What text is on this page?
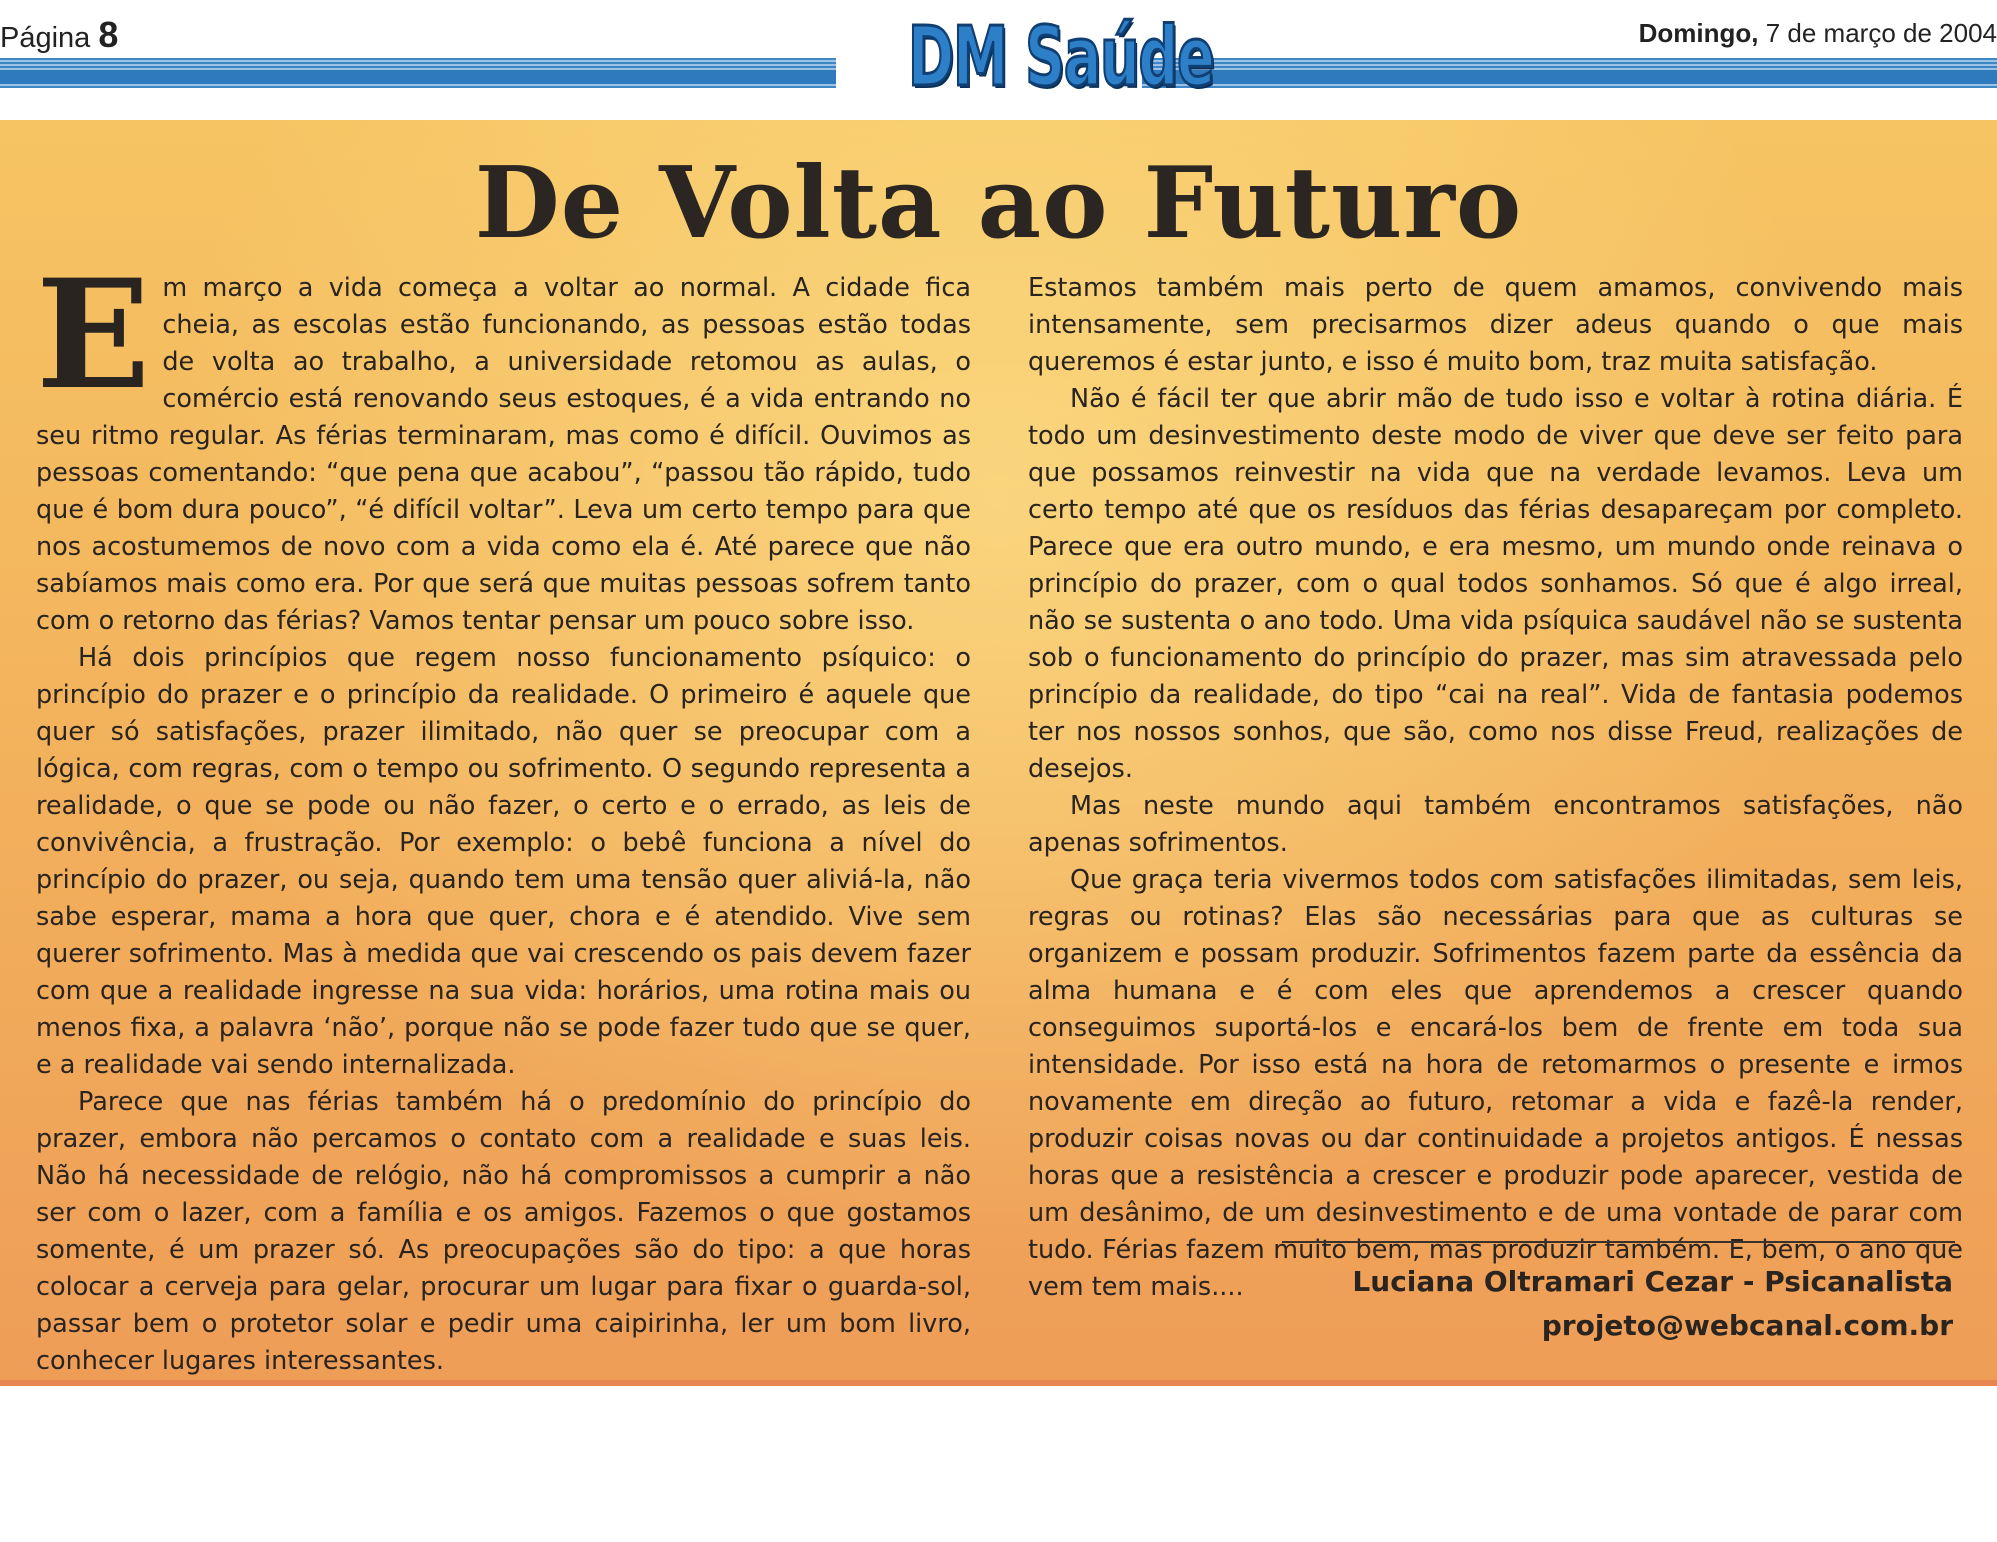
Página 8	DM Saúde	Domingo, 7 de março de 2004
De Volta ao Futuro

Em março a vida começa a voltar ao normal. A cidade fica cheia, as escolas estão funcionando, as pessoas estão todas de volta ao trabalho, a universidade retomou as aulas, o comércio está renovando seus estoques, é a vida entrando no seu ritmo regular. As férias terminaram, mas como é difícil. Ouvimos as pessoas comentando: “que pena que acabou”, “passou tão rápido, tudo que é bom dura pouco”, “é difícil voltar”. Leva um certo tempo para que nos acostumemos de novo com a vida como ela é. Até parece que não sabíamos mais como era. Por que será que muitas pessoas sofrem tanto com o retorno das férias? Vamos tentar pensar um pouco sobre isso.

Há dois princípios que regem nosso funcionamento psíquico: o princípio do prazer e o princípio da realidade. O primeiro é aquele que quer só satisfações, prazer ilimitado, não quer se preocupar com a lógica, com regras, com o tempo ou sofrimento. O segundo representa a realidade, o que se pode ou não fazer, o certo e o errado, as leis de convivência, a frustração. Por exemplo: o bebê funciona a nível do princípio do prazer, ou seja, quando tem uma tensão quer aliviá-la, não sabe esperar, mama a hora que quer, chora e é atendido. Vive sem querer sofrimento. Mas à medida que vai crescendo os pais devem fazer com que a realidade ingresse na sua vida: horários, uma rotina mais ou menos fixa, a palavra ‘não’, porque não se pode fazer tudo que se quer, e a realidade vai sendo internalizada.

Parece que nas férias também há o predomínio do princípio do prazer, embora não percamos o contato com a realidade e suas leis. Não há necessidade de relógio, não há compromissos a cumprir a não ser com o lazer, com a família e os amigos. Fazemos o que gostamos somente, é um prazer só. As preocupações são do tipo: a que horas colocar a cerveja para gelar, procurar um lugar para fixar o guarda-sol, passar bem o protetor solar e pedir uma caipirinha, ler um bom livro, conhecer lugares interessantes.

Estamos também mais perto de quem amamos, convivendo mais intensamente, sem precisarmos dizer adeus quando o que mais queremos é estar junto, e isso é muito bom, traz muita satisfação.

Não é fácil ter que abrir mão de tudo isso e voltar à rotina diária. É todo um desinvestimento deste modo de viver que deve ser feito para que possamos reinvestir na vida que na verdade levamos. Leva um certo tempo até que os resíduos das férias desapareçam por completo. Parece que era outro mundo, e era mesmo, um mundo onde reinava o princípio do prazer, com o qual todos sonhamos. Só que é algo irreal, não se sustenta o ano todo. Uma vida psíquica saudável não se sustenta sob o funcionamento do princípio do prazer, mas sim atravessada pelo princípio da realidade, do tipo “cai na real”. Vida de fantasia podemos ter nos nossos sonhos, que são, como nos disse Freud, realizações de desejos.

Mas neste mundo aqui também encontramos satisfações, não apenas sofrimentos.

Que graça teria vivermos todos com satisfações ilimitadas, sem leis, regras ou rotinas? Elas são necessárias para que as culturas se organizem e possam produzir. Sofrimentos fazem parte da essência da alma humana e é com eles que aprendemos a crescer quando conseguimos suportá-los e encará-los bem de frente em toda sua intensidade. Por isso está na hora de retomarmos o presente e irmos novamente em direção ao futuro, retomar a vida e fazê-la render, produzir coisas novas ou dar continuidade a projetos antigos. É nessas horas que a resistência a crescer e produzir pode aparecer, vestida de um desânimo, de um desinvestimento e de uma vontade de parar com tudo. Férias fazem muito bem, mas produzir também. E, bem, o ano que vem tem mais....	Luciana Oltramari Cezar - Psicanalista
projeto@webcanal.com.br
